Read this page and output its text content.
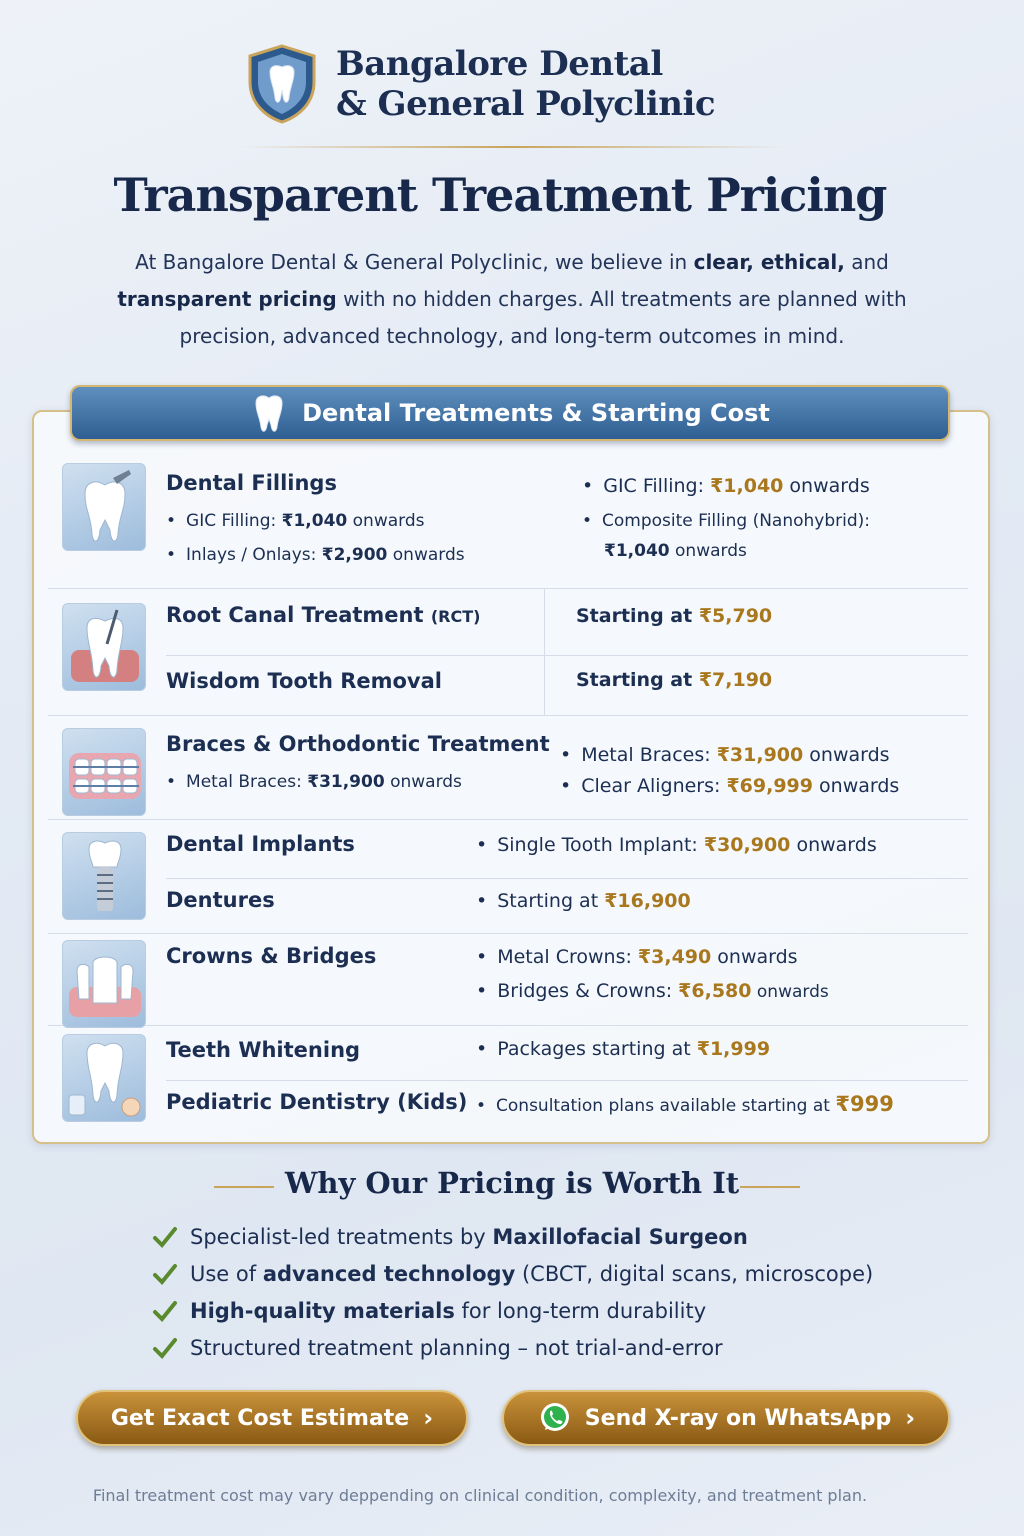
Bangalore Dental
& General Polyclinic
Transparent Treatment Pricing

At Bangalore Dental & General Polyclinic, we believe in clear, ethical, and transparent pricing with no hidden charges. All treatments are planned with precision, advanced technology, and long-term outcomes in mind.

Dental Treatments & Starting Cost
Dental Fillings
• GIC Filling: ₹1,040 onwards
• Inlays / Onlays: ₹2,900 onwards
• GIC Filling: ₹1,040 onwards
• Composite Filling (Nanohybrid):
₹1,040 onwards
Root Canal Treatment (RCT)
Wisdom Tooth Removal
Starting at ₹5,790
Starting at ₹7,190
Braces & Orthodontic Treatment
• Metal Braces: ₹31,900 onwards
• Metal Braces: ₹31,900 onwards
• Clear Aligners: ₹69,999 onwards
Dental Implants
Dentures
• Single Tooth Implant: ₹30,900 onwards
• Starting at ₹16,900
Crowns & Bridges
•	Metal Crowns: ₹3,490 onwards
• Bridges & Crowns: ₹6,580 onwards
Teeth Whitening
Pediatric Dentistry (Kids)
• Packages starting at ₹1,999
• Consultation plans available starting at ₹999
Why Our Pricing is Worth It
Specialist-led treatments by Maxillofacial Surgeon
Use of advanced technology (CBCT, digital scans, microscope)
High-quality materials for long-term durability
Structured treatment planning – not trial-and-error
Get Exact Cost Estimate ›	Send X-ray on WhatsApp ›

Final treatment cost may vary deppending on clinical condition, complexity, and treatment plan.
